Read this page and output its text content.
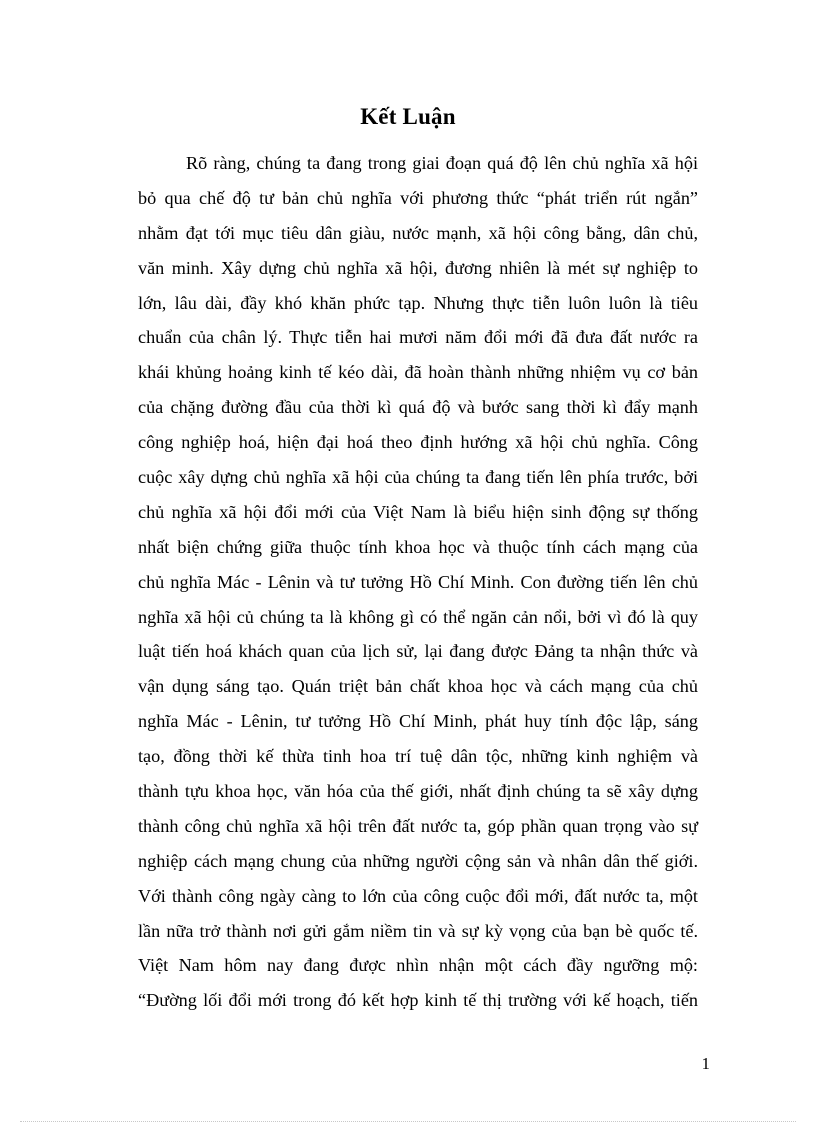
Kết Luận
Rõ ràng, chúng ta đang trong giai đoạn quá độ lên chủ nghĩa xã hội
bỏ qua chế độ tư bản chủ nghĩa với phương thức “phát triển rút ngắn”
nhằm đạt tới mục tiêu dân giàu, nước mạnh, xã hội công bằng, dân chủ,
văn minh. Xây dựng chủ nghĩa xã hội, đương nhiên là mét sự nghiệp to
lớn, lâu dài, đầy khó khăn phức tạp. Nhưng thực tiễn luôn luôn là tiêu
chuẩn của chân lý. Thực tiễn hai mươi năm đổi mới đã đưa đất nước ra
khái khủng hoảng kinh tế kéo dài, đã hoàn thành những nhiệm vụ cơ bản
của chặng đường đầu của thời kì quá độ và bước sang thời kì đẩy mạnh
công nghiệp hoá, hiện đại hoá theo định hướng xã hội chủ nghĩa. Công
cuộc xây dựng chủ nghĩa xã hội của chúng ta đang tiến lên phía trước, bởi
chủ nghĩa xã hội đổi mới của Việt Nam là biểu hiện sinh động sự thống
nhất biện chứng giữa thuộc tính khoa học và thuộc tính cách mạng của
chủ nghĩa Mác - Lênin và tư tưởng Hồ Chí Minh. Con đường tiến lên chủ
nghĩa xã hội củ chúng ta là không gì có thể ngăn cản nổi, bởi vì đó là quy
luật tiến hoá khách quan của lịch sử, lại đang được Đảng ta nhận thức và
vận dụng sáng tạo. Quán triệt bản chất khoa học và cách mạng của chủ
nghĩa Mác - Lênin, tư tưởng Hồ Chí Minh, phát huy tính độc lập, sáng
tạo, đồng thời kế thừa tinh hoa trí tuệ dân tộc, những kinh nghiệm và
thành tựu khoa học, văn hóa của thế giới, nhất định chúng ta sẽ xây dựng
thành công chủ nghĩa xã hội trên đất nước ta, góp phần quan trọng vào sự
nghiệp cách mạng chung của những người cộng sản và nhân dân thế giới.
Với thành công ngày càng to lớn của công cuộc đổi mới, đất nước ta, một
lần nữa trở thành nơi gửi gắm niềm tin và sự kỳ vọng của bạn bè quốc tế.
Việt Nam hôm nay đang được nhìn nhận một cách đầy ngưỡng mộ:
“Đường lối đổi mới trong đó kết hợp kinh tế thị trường với kế hoạch, tiến
1
